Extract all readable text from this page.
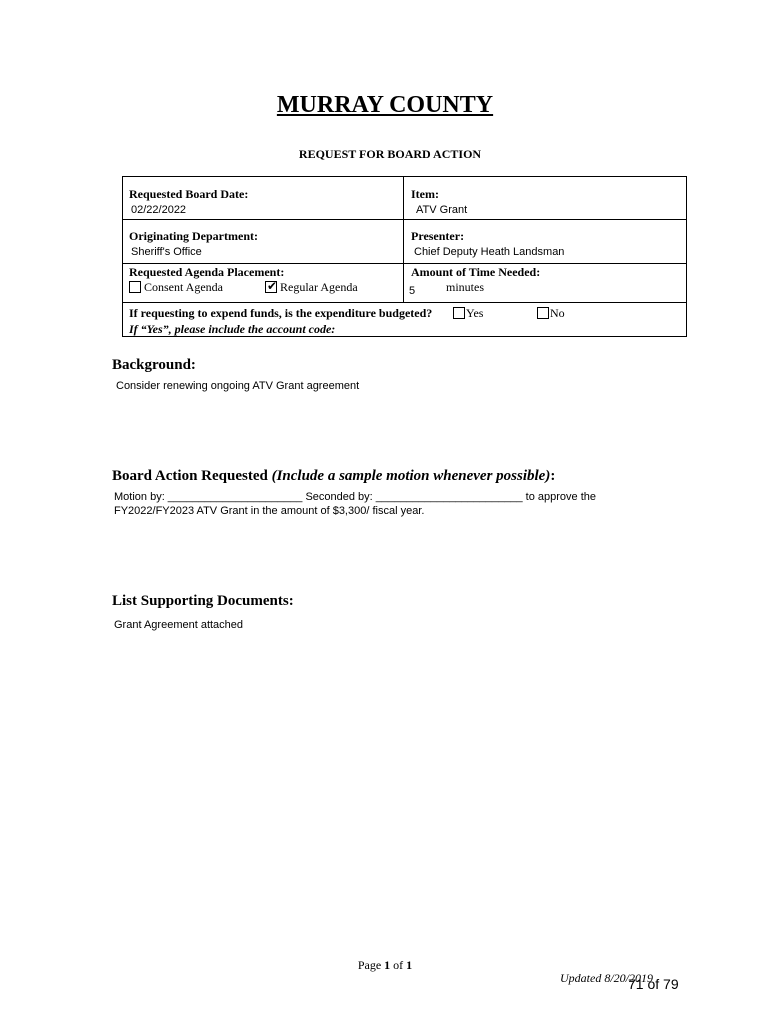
MURRAY COUNTY
REQUEST FOR BOARD ACTION
Requested Board Date:
02/22/2022
Item:
ATV Grant
Originating Department:
Sheriff's Office
Presenter:
Chief Deputy Heath Landsman
Requested Agenda Placement:
Consent Agenda	✔ Regular Agenda
Amount of Time Needed:
5	minutes
If requesting to expend funds, is the expenditure budgeted?	Yes	No
If “Yes”, please include the account code:
Background:
Consider renewing ongoing ATV Grant agreement
Board Action Requested (Include a sample motion whenever possible):
Motion by: ______________________ Seconded by: ________________________ to approve the
FY2022/FY2023 ATV Grant in the amount of $3,300/ fiscal year.
List Supporting Documents:
Grant Agreement attached
Page 1 of 1
Updated 8/20/2019
71 of 79
